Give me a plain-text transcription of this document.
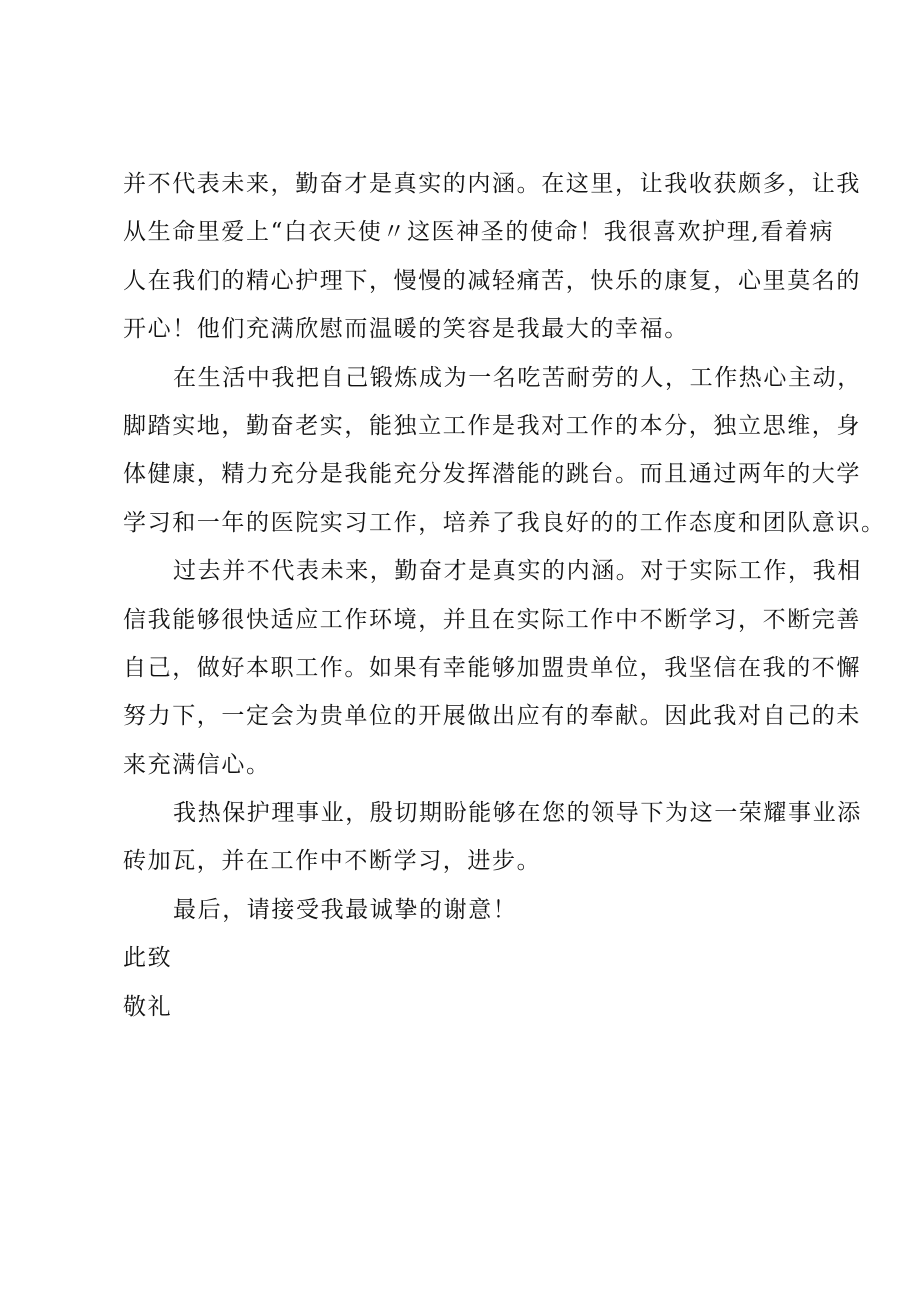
并不代表未来，勤奋才是真实的内涵。在这里，让我收获颇多，让我
从生命里爱上“白衣天使〃这医神圣的使命！我很喜欢护理,看着病
人在我们的精心护理下，慢慢的减轻痛苦，快乐的康复，心里莫名的
开心！他们充满欣慰而温暖的笑容是我最大的幸福。
在生活中我把自己锻炼成为一名吃苦耐劳的人，工作热心主动，
脚踏实地，勤奋老实，能独立工作是我对工作的本分，独立思维，身
体健康，精力充分是我能充分发挥潜能的跳台。而且通过两年的大学
学习和一年的医院实习工作，培养了我良好的的工作态度和团队意识。
过去并不代表未来，勤奋才是真实的内涵。对于实际工作，我相
信我能够很快适应工作环境，并且在实际工作中不断学习，不断完善
自己，做好本职工作。如果有幸能够加盟贵单位，我坚信在我的不懈
努力下，一定会为贵单位的开展做出应有的奉献。因此我对自己的未
来充满信心。
我热保护理事业，殷切期盼能够在您的领导下为这一荣耀事业添
砖加瓦，并在工作中不断学习，进步。
最后，请接受我最诚挚的谢意！
此致
敬礼
